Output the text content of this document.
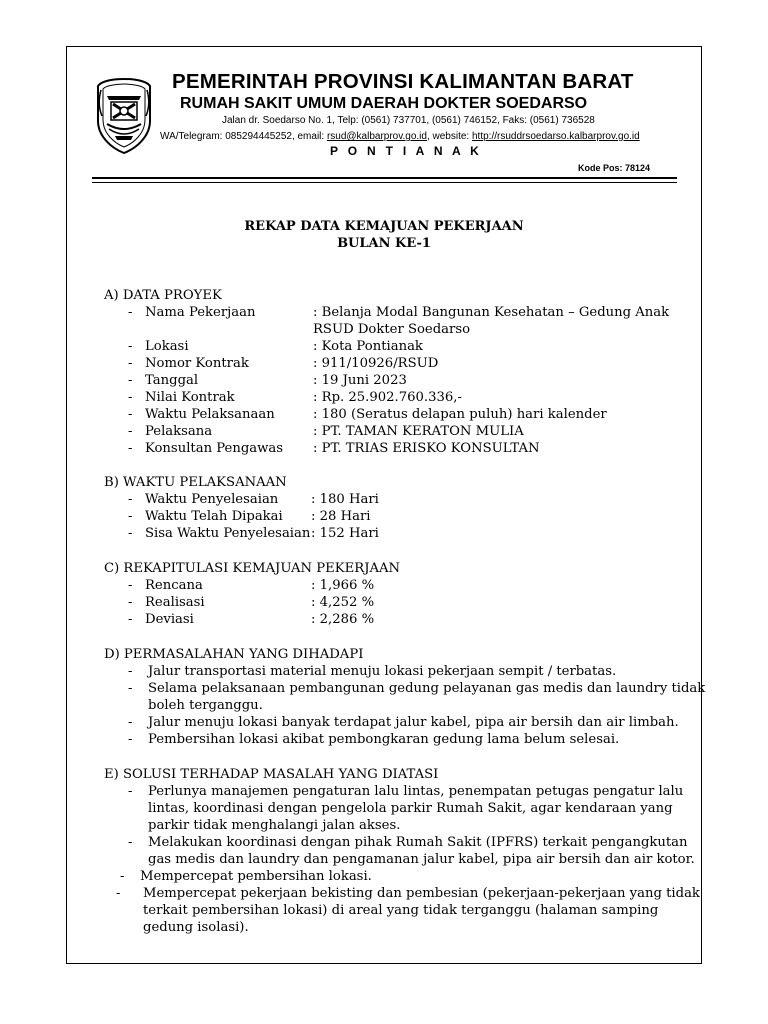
PEMERINTAH PROVINSI KALIMANTAN BARAT
RUMAH SAKIT UMUM DAERAH DOKTER SOEDARSO
Jalan dr. Soedarso No. 1, Telp: (0561) 737701, (0561) 746152, Faks: (0561) 736528
WA/Telegram: 085294445252, email: rsud@kalbarprov.go.id, website: http://rsuddrsoedarso.kalbarprov.go.id
P O N T I A N A K
Kode Pos: 78124
REKAP DATA KEMAJUAN PEKERJAAN
BULAN KE-1
A) DATA PROYEK
- Nama Pekerjaan	: Belanja Modal Bangunan Kesehatan – Gedung Anak
RSUD Dokter Soedarso
- Lokasi	: Kota Pontianak
- Nomor Kontrak	: 911/10926/RSUD
- Tanggal	: 19 Juni 2023
- Nilai Kontrak	: Rp. 25.902.760.336,-
- Waktu Pelaksanaan	: 180 (Seratus delapan puluh) hari kalender
- Pelaksana	: PT. TAMAN KERATON MULIA
- Konsultan Pengawas : PT. TRIAS ERISKO KONSULTAN
B) WAKTU PELAKSANAAN
- Waktu Penyelesaian : 180 Hari
- Waktu Telah Dipakai : 28 Hari
- Sisa Waktu Penyelesaian : 152 Hari
C) REKAPITULASI KEMAJUAN PEKERJAAN
- Rencana	: 1,966 %
- Realisasi	: 4,252 %
- Deviasi	: 2,286 %
D) PERMASALAHAN YANG DIHADAPI
- Jalur transportasi material menuju lokasi pekerjaan sempit / terbatas.
- Selama pelaksanaan pembangunan gedung pelayanan gas medis dan laundry tidak
boleh terganggu.
- Jalur menuju lokasi banyak terdapat jalur kabel, pipa air bersih dan air limbah.
- Pembersihan lokasi akibat pembongkaran gedung lama belum selesai.
E) SOLUSI TERHADAP MASALAH YANG DIATASI
- Perlunya manajemen pengaturan lalu lintas, penempatan petugas pengatur lalu
lintas, koordinasi dengan pengelola parkir Rumah Sakit, agar kendaraan yang
parkir tidak menghalangi jalan akses.
- Melakukan koordinasi dengan pihak Rumah Sakit (IPFRS) terkait pengangkutan
gas medis dan laundry dan pengamanan jalur kabel, pipa air bersih dan air kotor.
- Mempercepat pembersihan lokasi.
- Mempercepat pekerjaan bekisting dan pembesian (pekerjaan-pekerjaan yang tidak
terkait pembersihan lokasi) di areal yang tidak terganggu (halaman samping
gedung isolasi).
